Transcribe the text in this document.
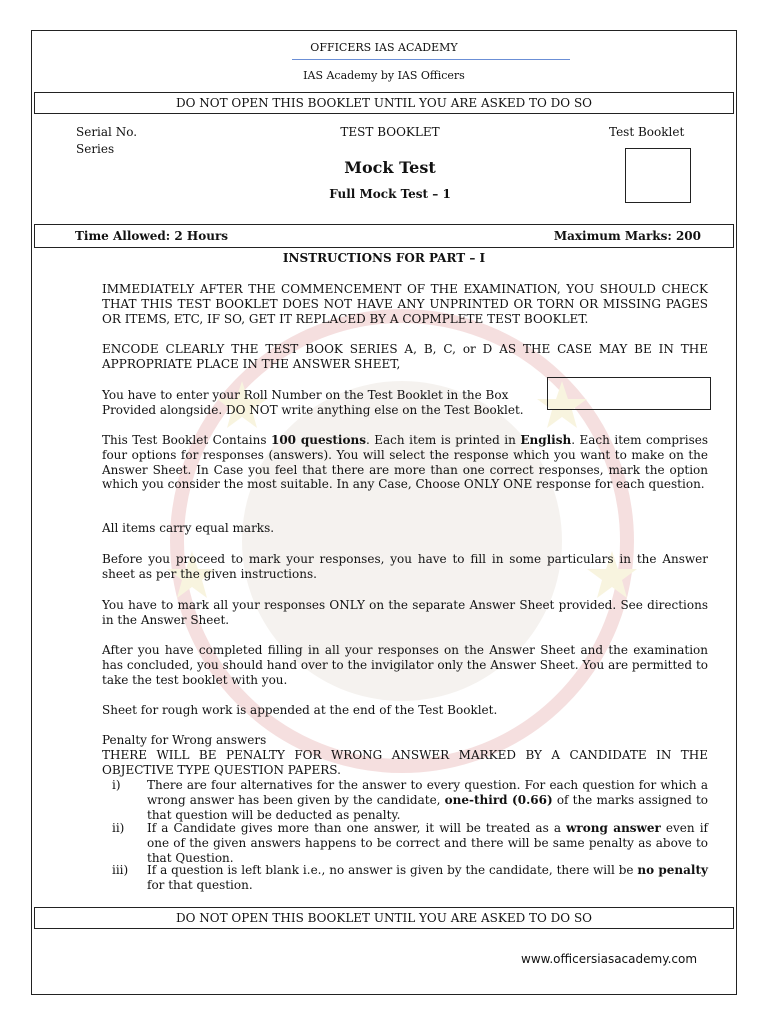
OFFICERS IAS ACADEMY
IAS Academy by IAS Officers
DO NOT OPEN THIS BOOKLET UNTIL YOU ARE ASKED TO DO SO
Serial No.
Series
TEST BOOKLET
Mock Test
Full Mock Test – 1
Test Booklet
Time Allowed: 2 Hours	Maximum Marks: 200
INSTRUCTIONS FOR PART – I
IMMEDIATELY AFTER THE COMMENCEMENT OF THE EXAMINATION, YOU SHOULD CHECK THAT THIS TEST BOOKLET DOES NOT HAVE ANY UNPRINTED OR TORN OR MISSING PAGES OR ITEMS, ETC, IF SO, GET IT REPLACED BY A COPMPLETE TEST BOOKLET.
ENCODE CLEARLY THE TEST BOOK SERIES A, B, C, or D AS THE CASE MAY BE IN THE APPROPRIATE PLACE IN THE ANSWER SHEET,
You have to enter your Roll Number on the Test Booklet in the Box Provided alongside. DO NOT write anything else on the Test Booklet.
This Test Booklet Contains 100 questions. Each item is printed in English. Each item comprises four options for responses (answers). You will select the response which you want to make on the Answer Sheet. In Case you feel that there are more than one correct responses, mark the option which you consider the most suitable. In any Case, Choose ONLY ONE response for each question.
All items carry equal marks.
Before you proceed to mark your responses, you have to fill in some particulars in the Answer sheet as per the given instructions.
You have to mark all your responses ONLY on the separate Answer Sheet provided. See directions in the Answer Sheet.
After you have completed filling in all your responses on the Answer Sheet and the examination has concluded, you should hand over to the invigilator only the Answer Sheet. You are permitted to take the test booklet with you.
Sheet for rough work is appended at the end of the Test Booklet.
Penalty for Wrong answers
THERE WILL BE PENALTY FOR WRONG ANSWER MARKED BY A CANDIDATE IN THE OBJECTIVE TYPE QUESTION PAPERS.
i) There are four alternatives for the answer to every question. For each question for which a wrong answer has been given by the candidate, one-third (0.66) of the marks assigned to that question will be deducted as penalty.
ii) If a Candidate gives more than one answer, it will be treated as a wrong answer even if one of the given answers happens to be correct and there will be same penalty as above to that Question.
iii) If a question is left blank i.e., no answer is given by the candidate, there will be no penalty for that question.
DO NOT OPEN THIS BOOKLET UNTIL YOU ARE ASKED TO DO SO
www.officersiasacademy.com
